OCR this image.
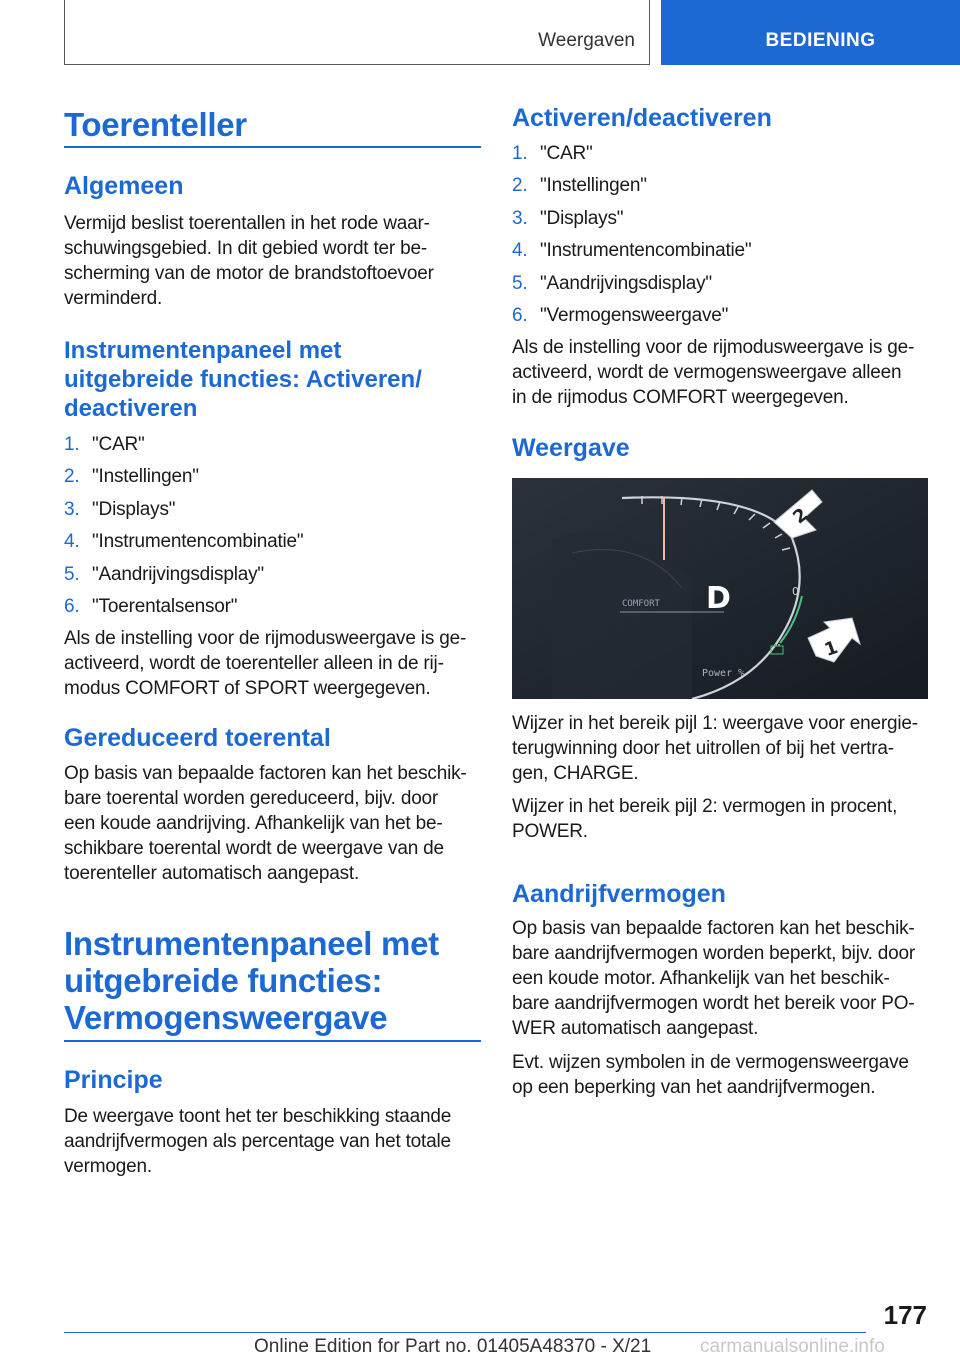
Weergaven	BEDIENING
Toerenteller
Algemeen

Vermijd beslist toerentallen in het rode waar‐
schuwingsgebied. In dit gebied wordt ter be‐
scherming van de motor de brandstoftoevoer
verminderd.

Instrumentenpaneel met
uitgebreide functies: Activeren/
deactiveren
1. "CAR"
2. "Instellingen"
3. "Displays"
4. "Instrumentencombinatie"
5. "Aandrijvingsdisplay"
6. "Toerentalsensor"

Als de instelling voor de rijmodusweergave is ge‐
activeerd, wordt de toerenteller alleen in de rij‐
modus COMFORT of SPORT weergegeven.

Gereduceerd toerental

Op basis van bepaalde factoren kan het beschik‐
bare toerental worden gereduceerd, bijv. door
een koude aandrijving. Afhankelijk van het be‐
schikbare toerental wordt de weergave van de
toerenteller automatisch aangepast.

Instrumentenpaneel met
uitgebreide functies:
Vermogensweergave
Principe

De weergave toont het ter beschikking staande
aandrijfvermogen als percentage van het totale
vermogen.

Activeren/deactiveren
1. "CAR"
2. "Instellingen"
3. "Displays"
4. "Instrumentencombinatie"
5. "Aandrijvingsdisplay"
6. "Vermogensweergave"

Als de instelling voor de rijmodusweergave is ge‐
activeerd, wordt de vermogensweergave alleen
in de rijmodus COMFORT weergegeven.

Weergave

Wijzer in het bereik pijl 1: weergave voor energie‐
terugwinning door het uitrollen of bij het vertra‐
gen, CHARGE.

Wijzer in het bereik pijl 2: vermogen in procent,
POWER.

Aandrijfvermogen

Op basis van bepaalde factoren kan het beschik‐
bare aandrijfvermogen worden beperkt, bijv. door
een koude motor. Afhankelijk van het beschik‐
bare aandrijfvermogen wordt het bereik voor PO‐
WER automatisch aangepast.

Evt. wijzen symbolen in de vermogensweergave
op een beperking van het aandrijfvermogen.

COMFORT D	0
Power %
2
1
177
Online Edition for Part no. 01405A48370 - X/21	carmanualsonline.info
